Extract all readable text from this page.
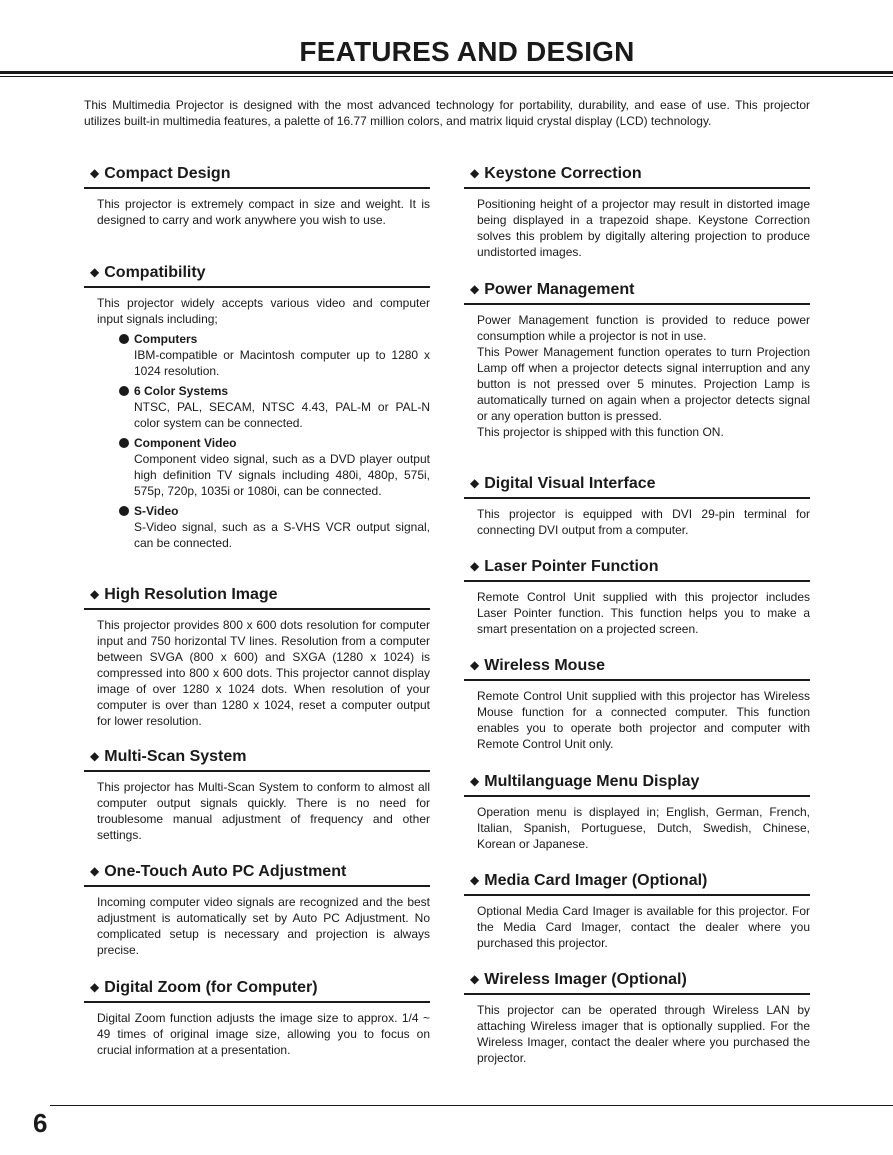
FEATURES AND DESIGN

This Multimedia Projector is designed with the most advanced technology for portability, durability, and ease of use. This projector utilizes built-in multimedia features, a palette of 16.77 million colors, and matrix liquid crystal display (LCD) technology.

◆ Compact Design

This projector is extremely compact in size and weight. It is designed to carry and work anywhere you wish to use.

◆ Compatibility

This projector widely accepts various video and computer input signals including;

Computers
IBM-compatible or Macintosh computer up to 1280 x 1024 resolution.
6 Color Systems
NTSC, PAL, SECAM, NTSC 4.43, PAL-M or PAL-N color system can be connected.
Component Video
Component video signal, such as a DVD player output high definition TV signals including 480i, 480p, 575i, 575p, 720p, 1035i or 1080i, can be connected.
S-Video
S-Video signal, such as a S-VHS VCR output signal, can be connected.
◆ High Resolution Image

This projector provides 800 x 600 dots resolution for computer input and 750 horizontal TV lines. Resolution from a computer between SVGA (800 x 600) and SXGA (1280 x 1024) is compressed into 800 x 600 dots. This projector cannot display image of over 1280 x 1024 dots. When resolution of your computer is over than 1280 x 1024, reset a computer output for lower resolution.

◆ Multi-Scan System

This projector has Multi-Scan System to conform to almost all computer output signals quickly. There is no need for troublesome manual adjustment of frequency and other settings.

◆ One-Touch Auto PC Adjustment

Incoming computer video signals are recognized and the best adjustment is automatically set by Auto PC Adjustment. No complicated setup is necessary and projection is always precise.

◆ Digital Zoom (for Computer)

Digital Zoom function adjusts the image size to approx. 1/4 ~ 49 times of original image size, allowing you to focus on crucial information at a presentation.

◆ Keystone Correction

Positioning height of a projector may result in distorted image being displayed in a trapezoid shape. Keystone Correction solves this problem by digitally altering projection to produce undistorted images.

◆ Power Management

Power Management function is provided to reduce power consumption while a projector is not in use.

This Power Management function operates to turn Projection Lamp off when a projector detects signal interruption and any button is not pressed over 5 minutes. Projection Lamp is automatically turned on again when a projector detects signal or any operation button is pressed.

This projector is shipped with this function ON.

◆ Digital Visual Interface

This projector is equipped with DVI 29-pin terminal for connecting DVI output from a computer.

◆ Laser Pointer Function

Remote Control Unit supplied with this projector includes Laser Pointer function. This function helps you to make a smart presentation on a projected screen.

◆ Wireless Mouse

Remote Control Unit supplied with this projector has Wireless Mouse function for a connected computer. This function enables you to operate both projector and computer with Remote Control Unit only.

◆ Multilanguage Menu Display

Operation menu is displayed in; English, German, French, Italian, Spanish, Portuguese, Dutch, Swedish, Chinese, Korean or Japanese.

◆ Media Card Imager (Optional)

Optional Media Card Imager is available for this projector. For the Media Card Imager, contact the dealer where you purchased this projector.

◆ Wireless Imager (Optional)

This projector can be operated through Wireless LAN by attaching Wireless imager that is optionally supplied. For the Wireless Imager, contact the dealer where you purchased the projector.

6
